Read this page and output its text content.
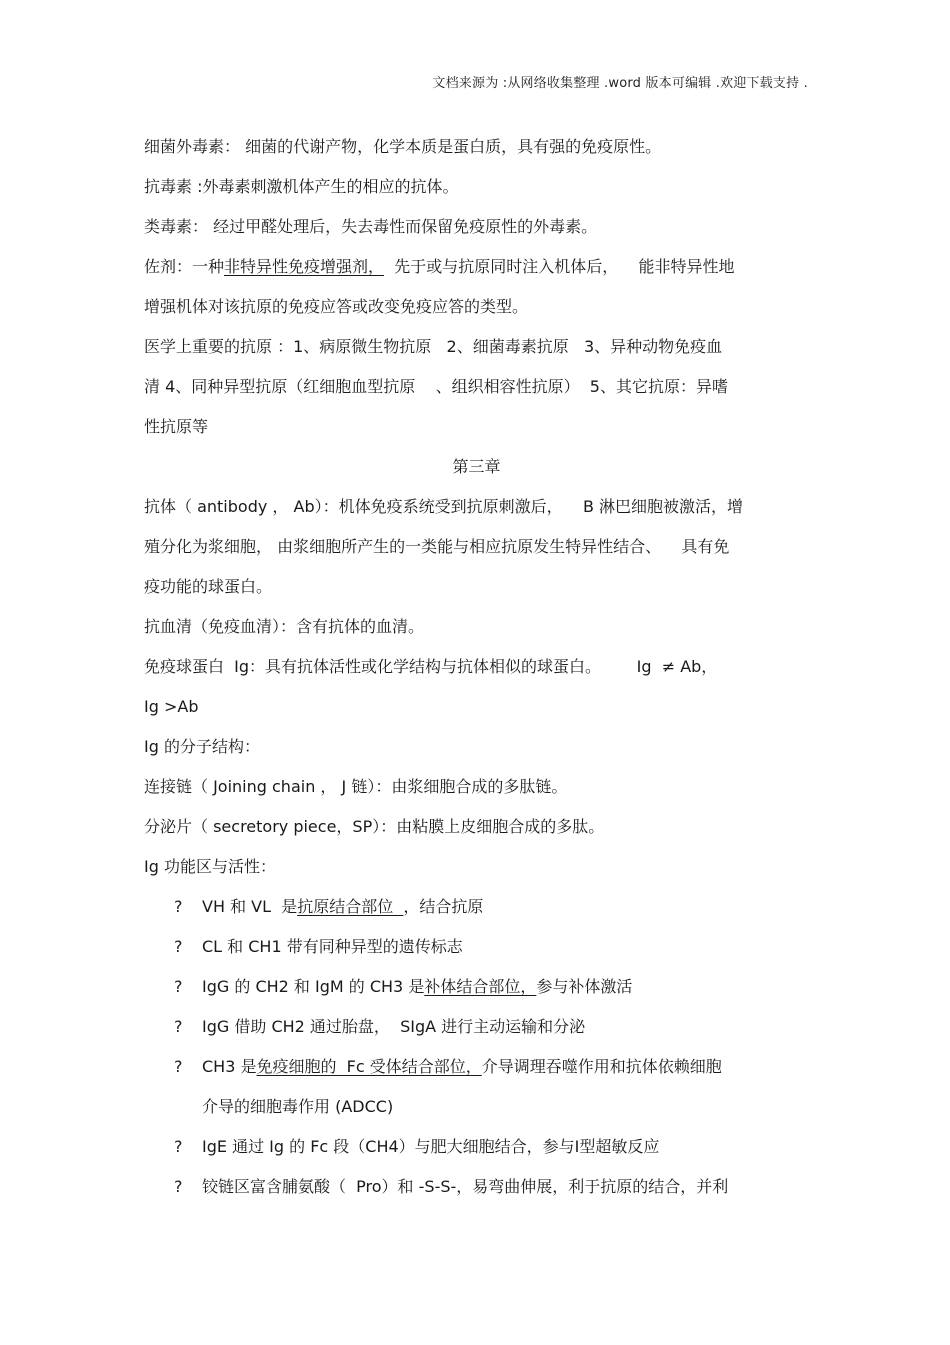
文档来源为 :从网络收集整理 .word 版本可编辑 .欢迎下载支持 .
细菌外毒素： 细菌的代谢产物，化学本质是蛋白质，具有强的免疫原性。
抗毒素 :外毒素刺激机体产生的相应的抗体。
类毒素： 经过甲醛处理后，失去毒性而保留免疫原性的外毒素。
佐剂：一种非特异性免疫增强剂，  先于或与抗原同时注入机体后，    能非特异性地
增强机体对该抗原的免疫应答或改变免疫应答的类型。
医学上重要的抗原 ：1、病原微生物抗原   2、细菌毒素抗原   3、异种动物免疫血
清 4、同种异型抗原（红细胞血型抗原    、组织相容性抗原）  5、其它抗原：异嗜
性抗原等
第三章
抗体（ antibody ， Ab）：机体免疫系统受到抗原刺激后，    B 淋巴细胞被激活，增
殖分化为浆细胞， 由浆细胞所产生的一类能与相应抗原发生特异性结合、    具有免
疫功能的球蛋白。
抗血清（免疫血清）：含有抗体的血清。
免疫球蛋白  Ig：具有抗体活性或化学结构与抗体相似的球蛋白。       Ig  ≠ Ab，
Ig >Ab
Ig 的分子结构：
连接链（ Joining chain ， J 链）：由浆细胞合成的多肽链。
分泌片（ secretory piece，SP）：由粘膜上皮细胞合成的多肽。
Ig 功能区与活性：
?	VH 和 VL  是抗原结合部位  ，结合抗原
?	CL 和 CH1 带有同种异型的遗传标志
?	IgG 的 CH2 和 IgM 的 CH3 是补体结合部位，参与补体激活
?	IgG 借助 CH2 通过胎盘，  SIgA 进行主动运输和分泌
?	CH3 是免疫细胞的  Fc 受体结合部位，介导调理吞噬作用和抗体依赖细胞
介导的细胞毒作用 (ADCC)
?	IgE 通过 Ig 的 Fc 段（CH4）与肥大细胞结合，参与Ⅰ型超敏反应
?	铰链区富含脯氨酸（  Pro）和 -S-S-，易弯曲伸展，利于抗原的结合，并利
